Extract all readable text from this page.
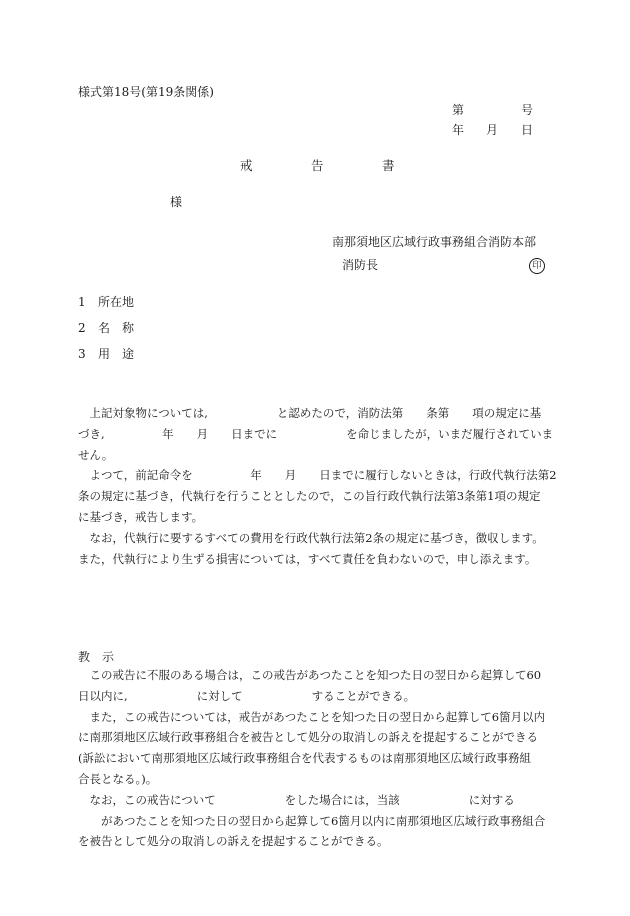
様式第18号(第19条関係)
第	号
年 月 日
戒	告	書
様
南那須地区広域行政事務組合消防本部
消防長	印
1 所在地
2 名　称
3 用　途
　上記対象物については,　　　　　　と認めたので，消防法第　　条第　　項の規定に基
づき,　　　　　年　　月　　日までに　　　　　　を命じましたが，いまだ履行されていま
せん。
　よつて，前記命令を　　　　　年　　月　　日までに履行しないときは，行政代執行法第2
条の規定に基づき，代執行を行うこととしたので，この旨行政代執行法第3条第1項の規定
に基づき，戒告します。
　なお，代執行に要するすべての費用を行政代執行法第2条の規定に基づき，徴収します。
また，代執行により生ずる損害については，すべて責任を負わないので，申し添えます。
教　示
　この戒告に不服のある場合は，この戒告があつたことを知つた日の翌日から起算して60
日以内に,　　　　　　に対して　　　　　　することができる。
　また，この戒告については，戒告があつたことを知つた日の翌日から起算して6箇月以内
に南那須地区広域行政事務組合を被告として処分の取消しの訴えを提起することができる
(訴訟において南那須地区広域行政事務組合を代表するものは南那須地区広域行政事務組
合長となる。)。
　なお，この戒告について　　　　　　をした場合には，当該　　　　　　に対する
　　があつたことを知つた日の翌日から起算して6箇月以内に南那須地区広域行政事務組合
を被告として処分の取消しの訴えを提起することができる。
